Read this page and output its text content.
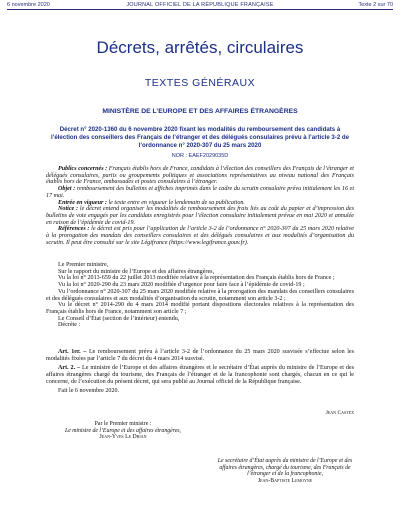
6 novembre 2020	JOURNAL OFFICIEL DE LA RÉPUBLIQUE FRANÇAISE	Texte 2 sur 70
Décrets, arrêtés, circulaires
TEXTES GÉNÉRAUX
MINISTÈRE DE L’EUROPE ET DES AFFAIRES ÉTRANGÈRES
Décret n° 2020-1360 du 6 novembre 2020 fixant les modalités du remboursement des candidats à l’élection des conseillers des Français de l’étranger et des délégués consulaires prévu à l’article 3-2 de l’ordonnance n° 2020-307 du 25 mars 2020
NOR : EAEF2029035D
Publics concernés : Français établis hors de France, candidats à l’élection des conseillers des Français de l’étranger et délégués consulaires, partis ou groupements politiques et associations représentatives au niveau national des Français établis hors de France, ambassades et postes consulaires à l’étranger.
Objet : remboursement des bulletins et affiches imprimés dans le cadre du scrutin consulaire prévu initialement les 16 et 17 mai.
Entrée en vigueur : le texte entre en vigueur le lendemain de sa publication.
Notice : le décret entend organiser les modalités de remboursement des frais liés au coût du papier et d’impression des bulletins de vote engagés par les candidats enregistrés pour l’élection consulaire initialement prévue en mai 2020 et annulée en raison de l’épidémie de covid-19.
Références : le décret est pris pour l’application de l’article 3-2 de l’ordonnance n° 2020-307 du 25 mars 2020 relative à la prorogation des mandats des conseillers consulaires et des délégués consulaires et aux modalités d’organisation du scrutin. Il peut être consulté sur le site Légifrance (https://www.legifrance.gouv.fr).
Le Premier ministre,
Sur le rapport du ministre de l’Europe et des affaires étrangères,
Vu la loi n° 2013-659 du 22 juillet 2013 modifiée relative à la représentation des Français établis hors de France ;
Vu la loi n° 2020-290 du 23 mars 2020 modifiée d’urgence pour faire face à l’épidémie de covid-19 ;
Vu l’ordonnance n° 2020-307 du 25 mars 2020 modifiée relative à la prorogation des mandats des conseillers consulaires et des délégués consulaires et aux modalités d’organisation du scrutin, notamment son article 3-2 ;
Vu le décret n° 2014-290 du 4 mars 2014 modifié portant dispositions électorales relatives à la représentation des Français établis hors de France, notamment son article 7 ;
Le Conseil d’État (section de l’intérieur) entendu,
Décrète :
Art. 1er. – Le remboursement prévu à l’article 3-2 de l’ordonnance du 25 mars 2020 susvisée s’effectue selon les modalités fixées par l’article 7 du décret du 4 mars 2014 susvisé.
Art. 2. – Le ministre de l’Europe et des affaires étrangères et le secrétaire d’État auprès du ministre de l’Europe et des affaires étrangères chargé du tourisme, des Français de l’étranger et de la francophonie sont chargés, chacun en ce qui le concerne, de l’exécution du présent décret, qui sera publié au Journal officiel de la République française.
Fait le 6 novembre 2020.
Jean Castex
Par le Premier ministre :
Le ministre de l’Europe et des affaires étrangères,
Jean-Yves Le Drian
Le secrétaire d’État auprès du ministre de l’Europe et des affaires étrangères, chargé du tourisme, des Français de l’étranger et de la francophonie,
Jean-Baptiste Lemoyne
